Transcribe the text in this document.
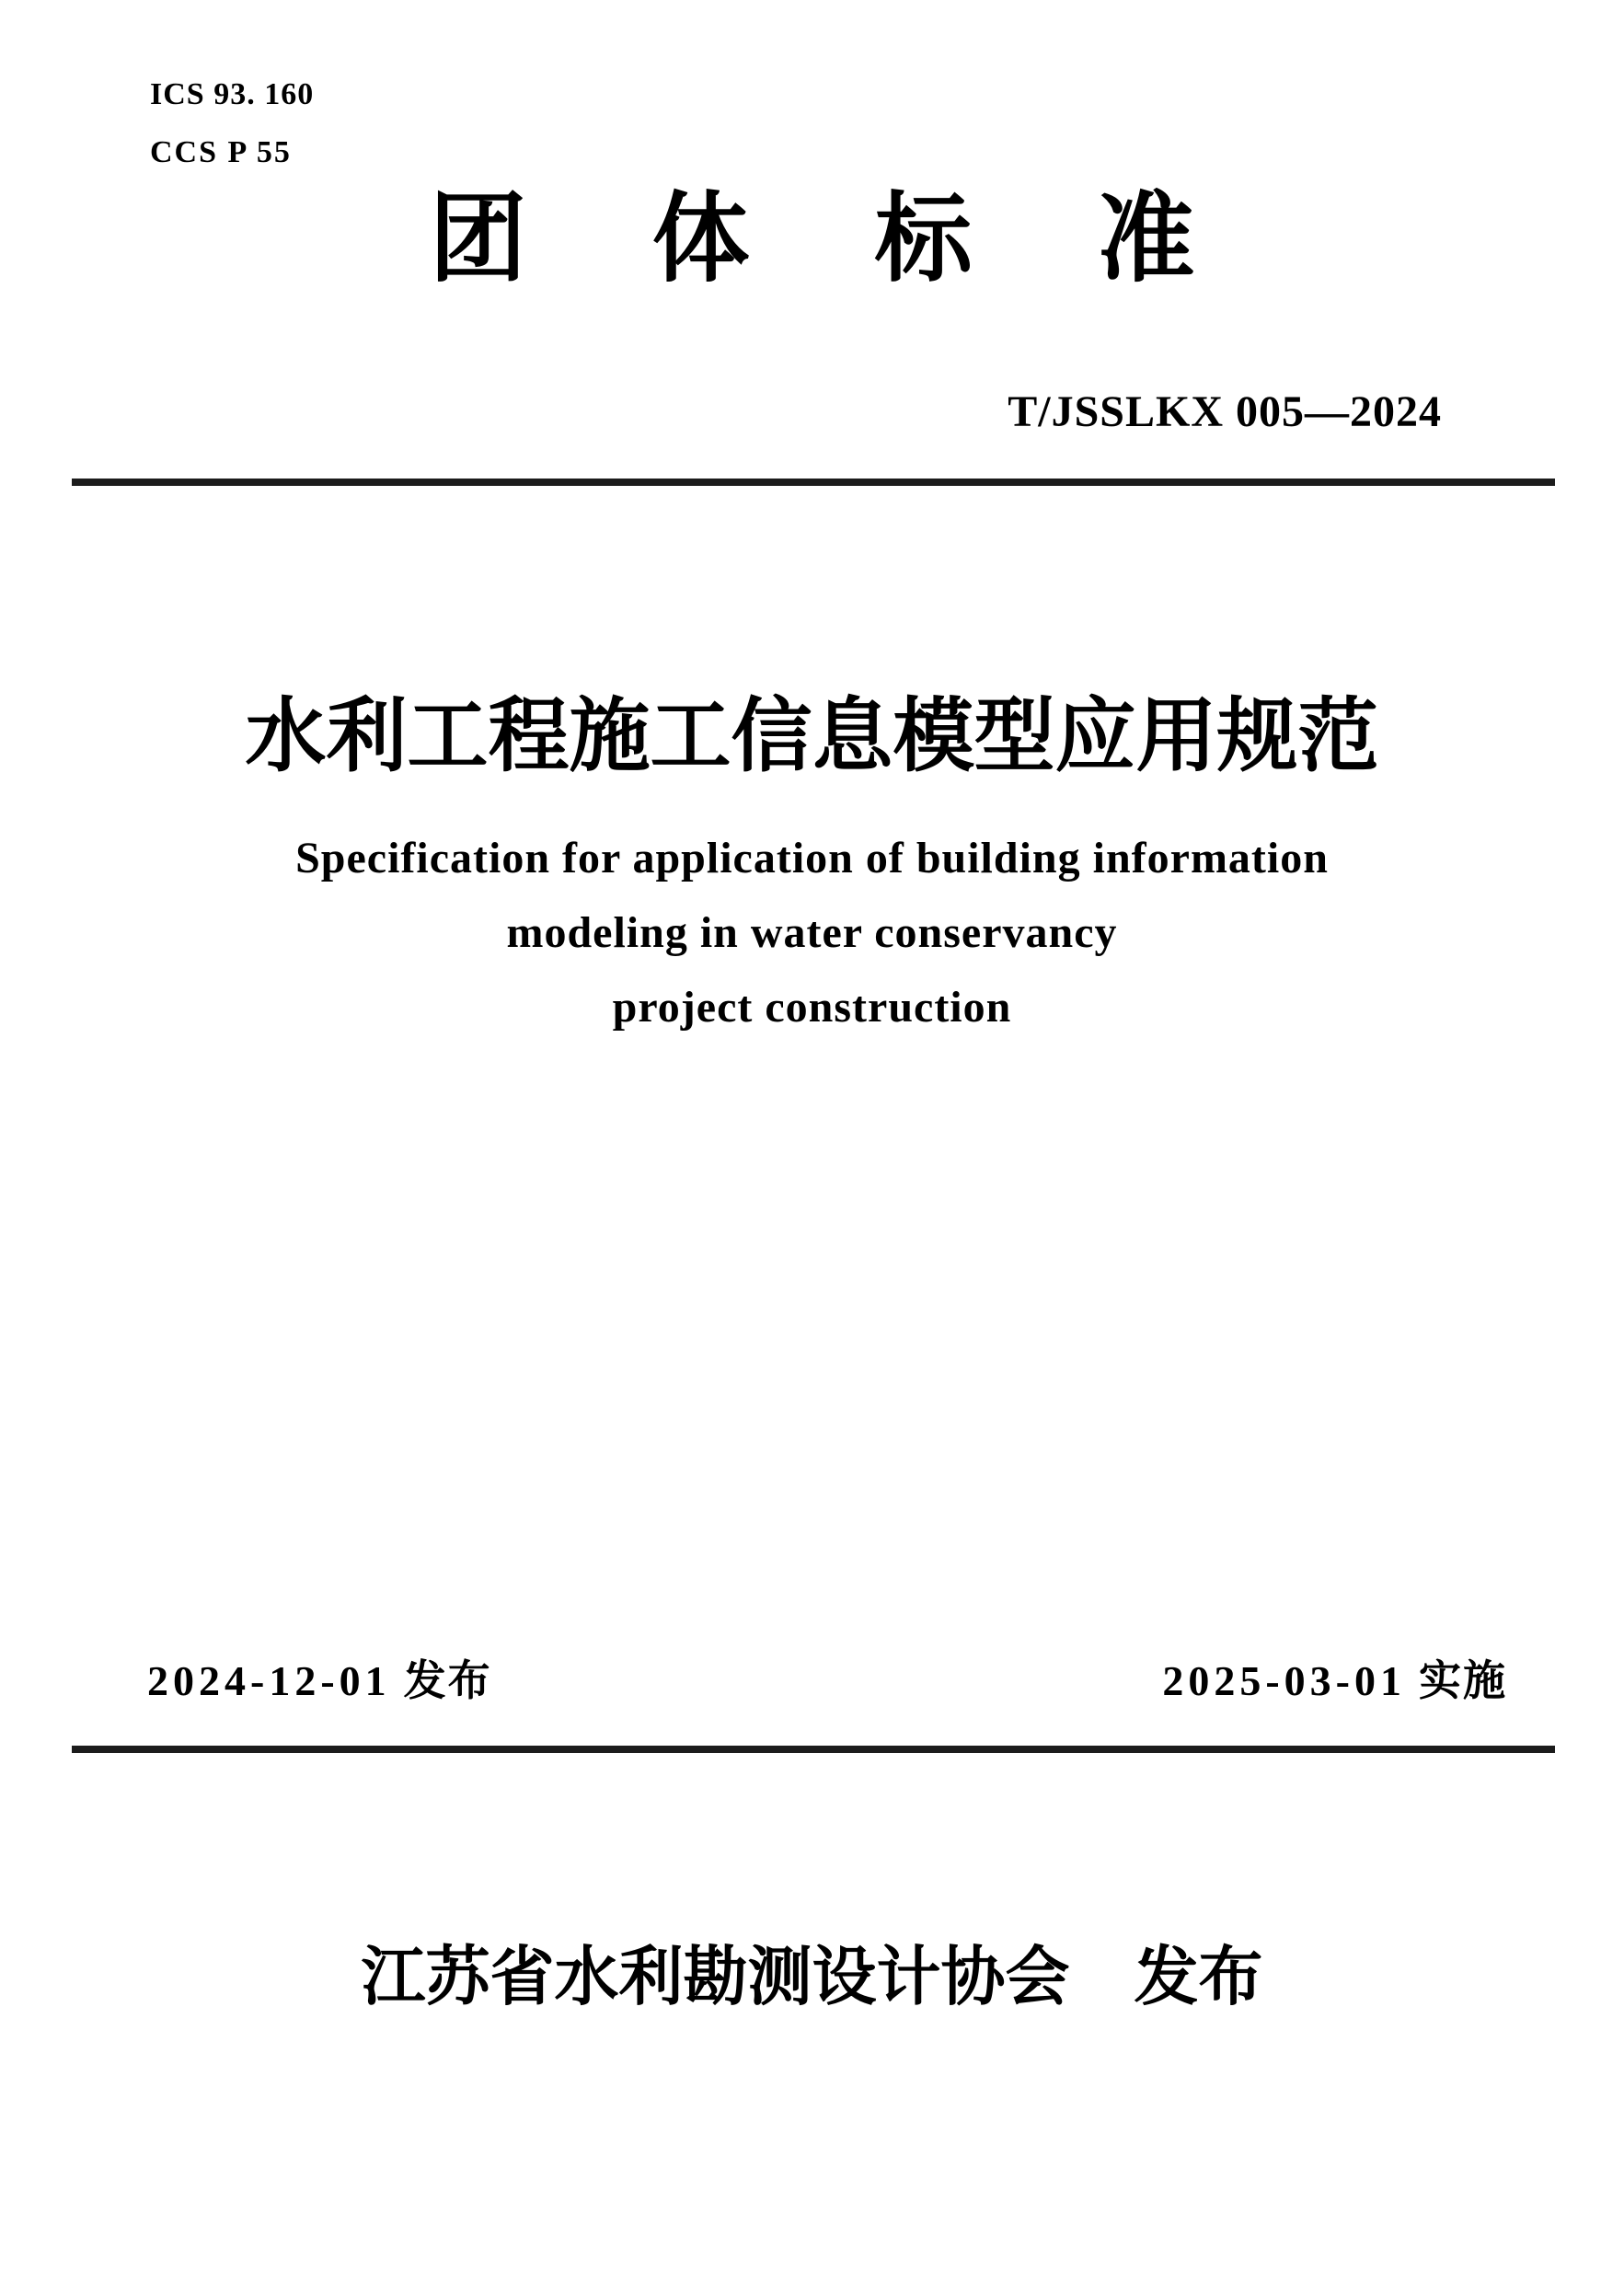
ICS 93. 160
CCS P 55
团体标准
T/JSSLKX 005—2024
水利工程施工信息模型应用规范
Specification for application of building information
modeling in water conservancy
project construction
2024-12-01 发布	2025-03-01 实施
江苏省水利勘测设计协会 发布
